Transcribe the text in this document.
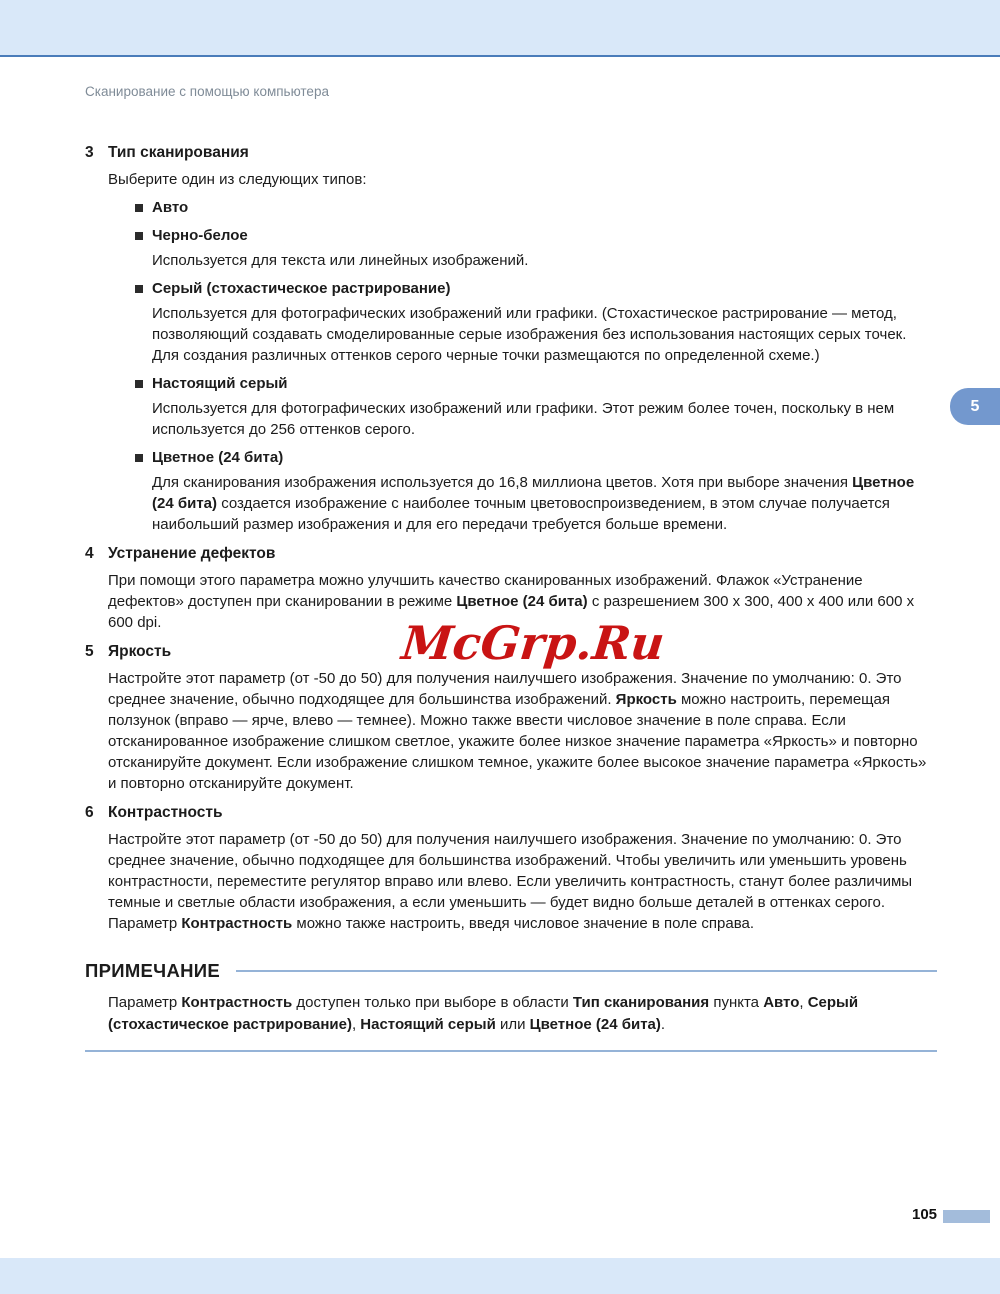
Сканирование с помощью компьютера
3 Тип сканирования

Выберите один из следующих типов:

Авто
Черно-белое

Используется для текста или линейных изображений.

Серый (стохастическое растрирование)

Используется для фотографических изображений или графики. (Стохастическое растрирование — метод, позволяющий создавать смоделированные серые изображения без использования настоящих серых точек. Для создания различных оттенков серого черные точки размещаются по определенной схеме.)

Настоящий серый

Используется для фотографических изображений или графики. Этот режим более точен, поскольку в нем используется до 256 оттенков серого.

Цветное (24 бита)

Для сканирования изображения используется до 16,8 миллиона цветов. Хотя при выборе значения Цветное (24 бита) создается изображение с наиболее точным цветовоспроизведением, в этом случае получается наибольший размер изображения и для его передачи требуется больше времени.

4 Устранение дефектов

При помощи этого параметра можно улучшить качество сканированных изображений. Флажок «Устранение дефектов» доступен при сканировании в режиме Цветное (24 бита) с разрешением 300 x 300, 400 x 400 или 600 x 600 dpi.

5 Яркость

Настройте этот параметр (от -50 до 50) для получения наилучшего изображения. Значение по умолчанию: 0. Это среднее значение, обычно подходящее для большинства изображений. Яркость можно настроить, перемещая ползунок (вправо — ярче, влево — темнее). Можно также ввести числовое значение в поле справа. Если отсканированное изображение слишком светлое, укажите более низкое значение параметра «Яркость» и повторно отсканируйте документ. Если изображение слишком темное, укажите более высокое значение параметра «Яркость» и повторно отсканируйте документ.

6 Контрастность

Настройте этот параметр (от -50 до 50) для получения наилучшего изображения. Значение по умолчанию: 0. Это среднее значение, обычно подходящее для большинства изображений. Чтобы увеличить или уменьшить уровень контрастности, переместите регулятор вправо или влево. Если увеличить контрастность, станут более различимы темные и светлые области изображения, а если уменьшить — будет видно больше деталей в оттенках серого. Параметр Контрастность можно также настроить, введя числовое значение в поле справа.

ПРИМЕЧАНИЕ

Параметр Контрастность доступен только при выборе в области Тип сканирования пункта Авто, Серый (стохастическое растрирование), Настоящий серый или Цветное (24 бита).

McGrp.Ru
5
105
